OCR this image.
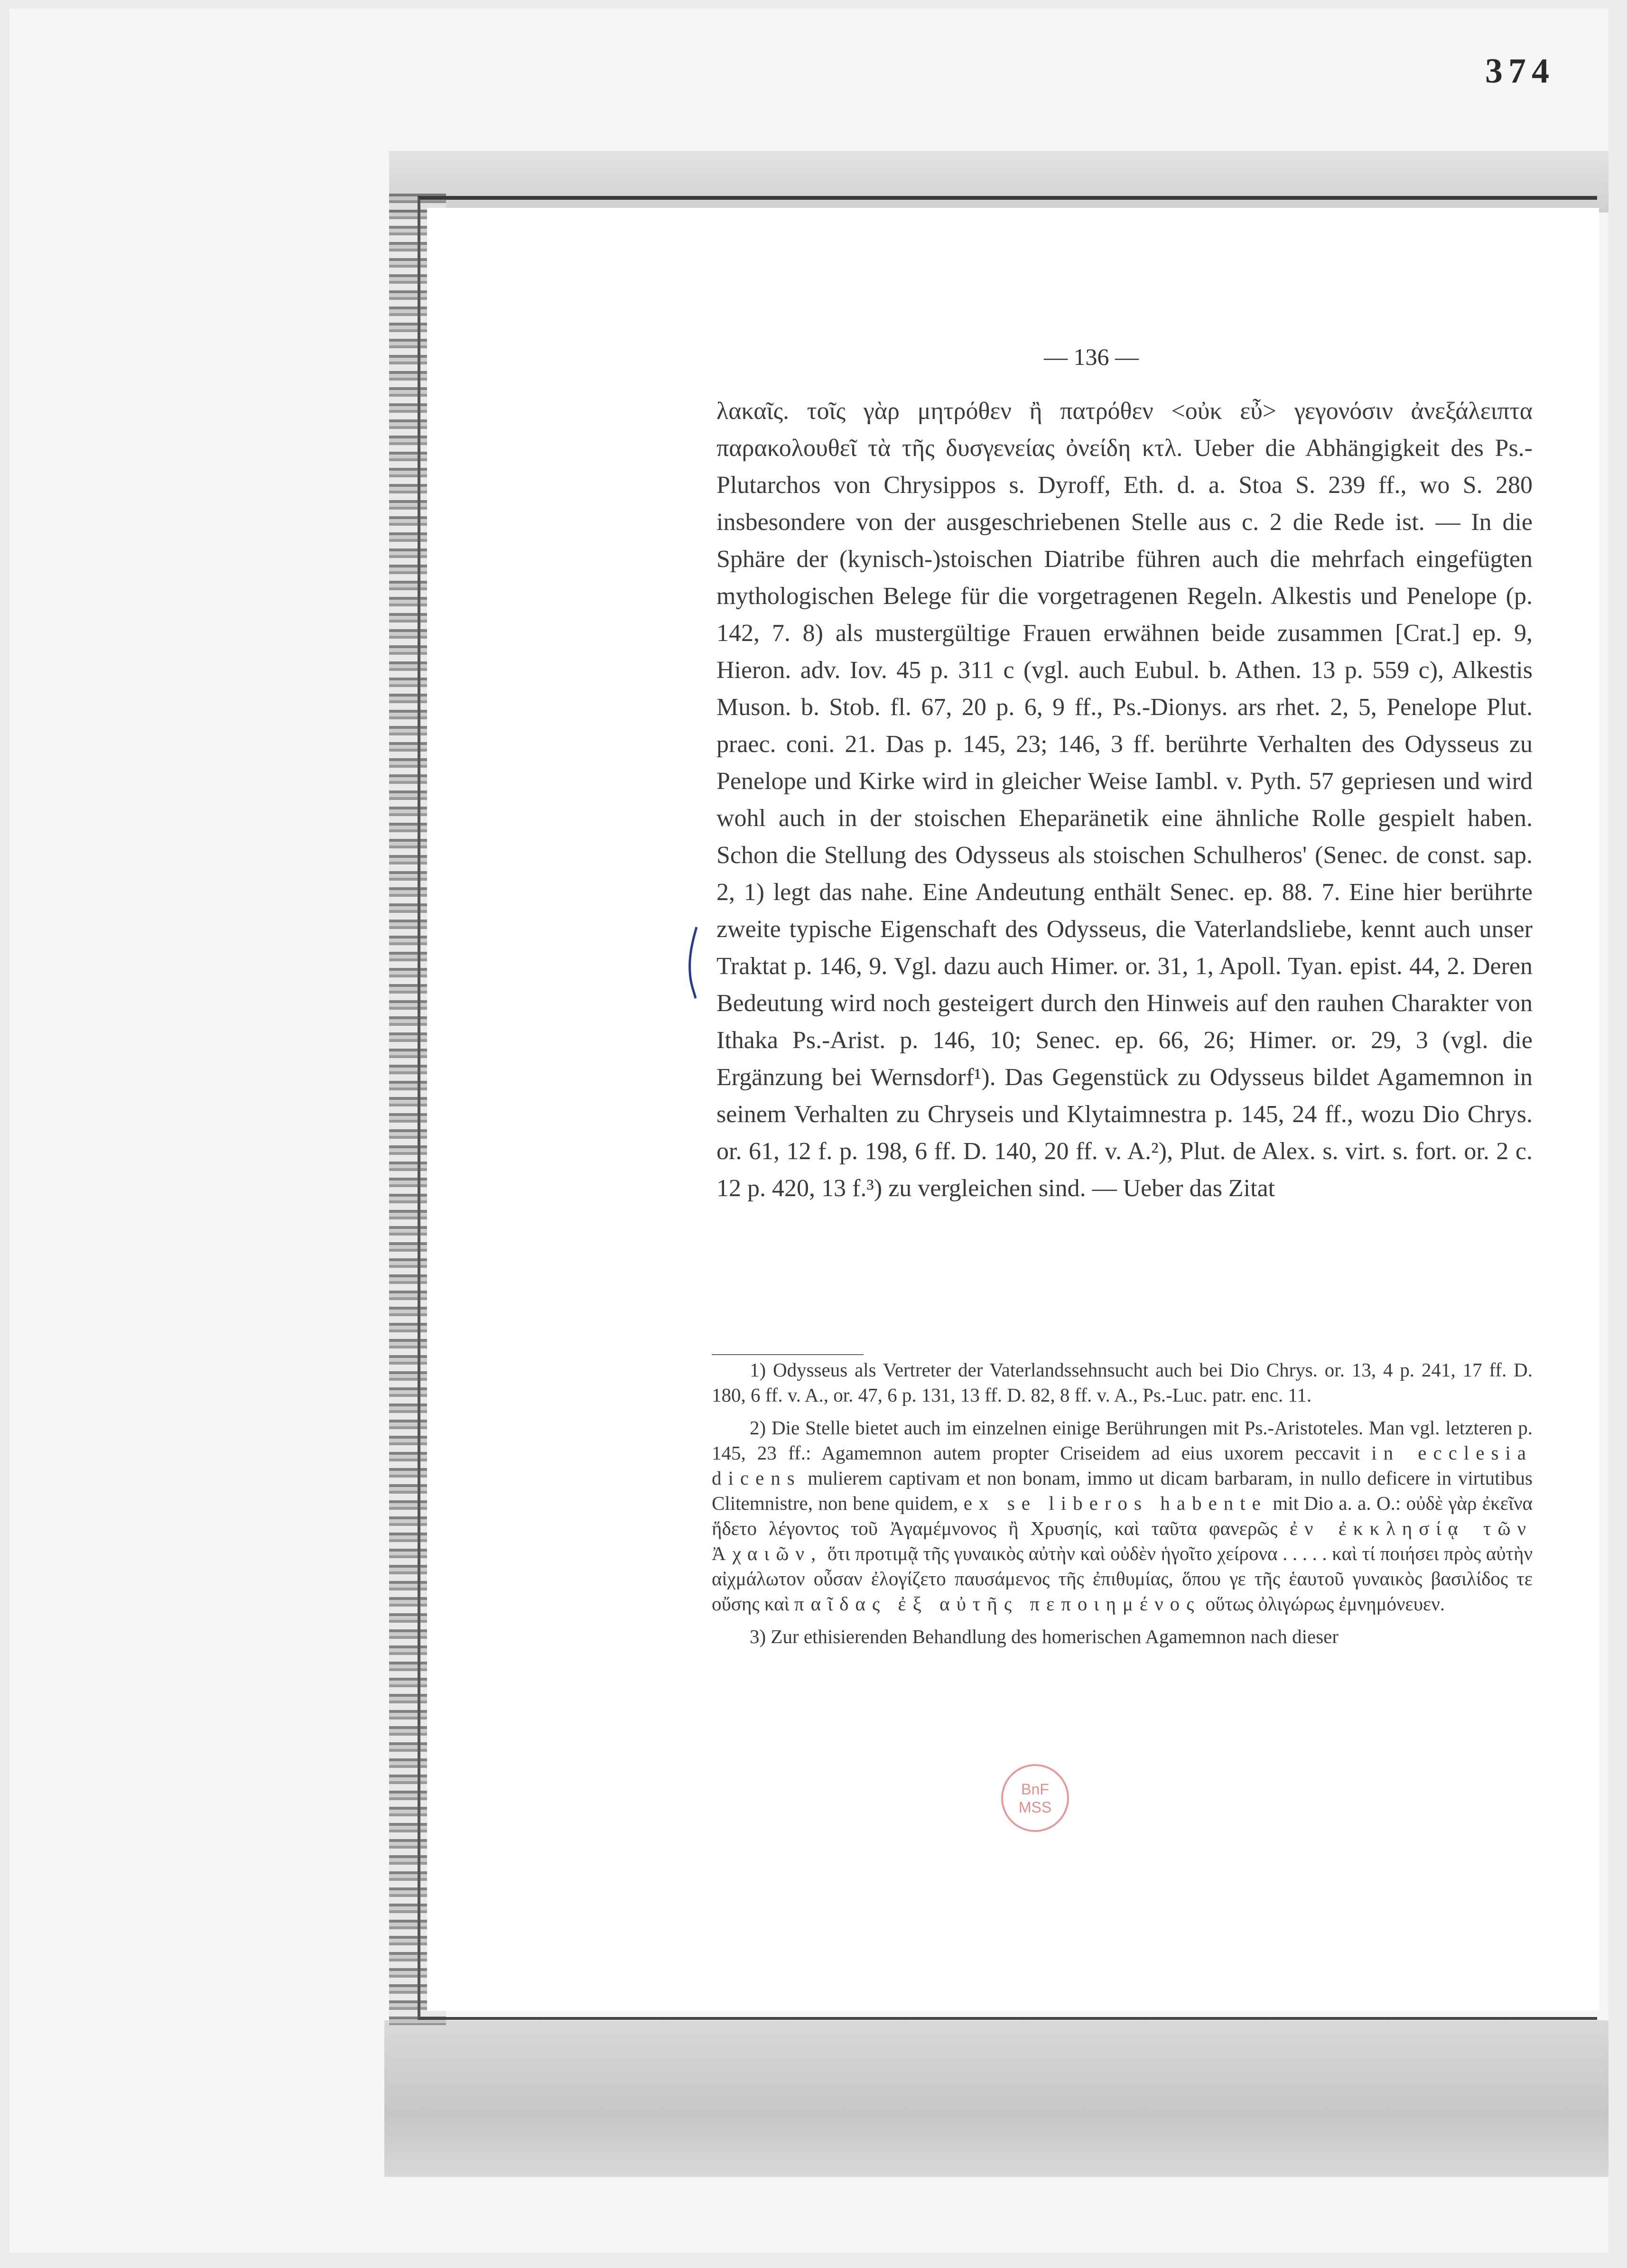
374
— 136 —

λακαῖς. τοῖς γὰρ μητρόθεν ἢ πατρόθεν <οὐκ εὖ> γεγονόσιν ἀνεξάλειπτα παρακολουθεῖ τὰ τῆς δυσγενείας ὀνείδη κτλ. Ueber die Abhängigkeit des Ps.-Plutarchos von Chrysippos s. Dyroff, Eth. d. a. Stoa S. 239 ff., wo S. 280 insbesondere von der ausgeschriebenen Stelle aus c. 2 die Rede ist. — In die Sphäre der (kynisch-)stoischen Diatribe führen auch die mehrfach eingefügten mythologischen Belege für die vorgetragenen Regeln. Alkestis und Penelope (p. 142, 7. 8) als mustergültige Frauen erwähnen beide zusammen [Crat.] ep. 9, Hieron. adv. Iov. 45 p. 311 c (vgl. auch Eubul. b. Athen. 13 p. 559 c), Alkestis Muson. b. Stob. fl. 67, 20 p. 6, 9 ff., Ps.-Dionys. ars rhet. 2, 5, Penelope Plut. praec. coni. 21. Das p. 145, 23; 146, 3 ff. berührte Verhalten des Odysseus zu Penelope und Kirke wird in gleicher Weise Iambl. v. Pyth. 57 gepriesen und wird wohl auch in der stoischen Eheparänetik eine ähnliche Rolle gespielt haben. Schon die Stellung des Odysseus als stoischen Schulheros' (Senec. de const. sap. 2, 1) legt das nahe. Eine Andeutung enthält Senec. ep. 88. 7. Eine hier berührte zweite typische Eigenschaft des Odysseus, die Vaterlandsliebe, kennt auch unser Traktat p. 146, 9. Vgl. dazu auch Himer. or. 31, 1, Apoll. Tyan. epist. 44, 2. Deren Bedeutung wird noch gesteigert durch den Hinweis auf den rauhen Charakter von Ithaka Ps.-Arist. p. 146, 10; Senec. ep. 66, 26; Himer. or. 29, 3 (vgl. die Ergänzung bei Wernsdorf¹). Das Gegenstück zu Odysseus bildet Agamemnon in seinem Verhalten zu Chryseis und Klytaimnestra p. 145, 24 ff., wozu Dio Chrys. or. 61, 12 f. p. 198, 6 ff. D. 140, 20 ff. v. A.²), Plut. de Alex. s. virt. s. fort. or. 2 c. 12 p. 420, 13 f.³) zu vergleichen sind. — Ueber das Zitat

1) Odysseus als Vertreter der Vaterlandssehnsucht auch bei Dio Chrys. or. 13, 4 p. 241, 17 ff. D. 180, 6 ff. v. A., or. 47, 6 p. 131, 13 ff. D. 82, 8 ff. v. A., Ps.-Luc. patr. enc. 11.

2) Die Stelle bietet auch im einzelnen einige Berührungen mit Ps.-Aristoteles. Man vgl. letzteren p. 145, 23 ff.: Agamemnon autem propter Criseidem ad eius uxorem peccavit in ecclesia dicens mulierem captivam et non bonam, immo ut dicam barbaram, in nullo deficere in virtutibus Clitemnistre, non bene quidem, ex se liberos habente mit Dio a. a. O.: οὐδὲ γὰρ ἐκεῖνα ἥδετο λέγοντος τοῦ Ἀγαμέμνονος ἢ Χρυσηίς, καὶ ταῦτα φανερῶς ἐν ἐκκλησίᾳ τῶν Ἀχαιῶν, ὅτι προτιμᾷ τῆς γυναικὸς αὐτὴν καὶ οὐδὲν ἡγοῖτο χείρονα . . . . . καὶ τί ποιήσει πρὸς αὐτὴν αἰχμάλωτον οὖσαν ἐλογίζετο παυσάμενος τῆς ἐπιθυμίας, ὅπου γε τῆς ἑαυτοῦ γυναικὸς βασιλίδος τε οὔσης καὶ παῖδας ἐξ αὐτῆς πεποιημένος οὕτως ὀλιγώρως ἐμνημόνευεν.

3) Zur ethisierenden Behandlung des homerischen Agamemnon nach dieser

BnF
MSS
